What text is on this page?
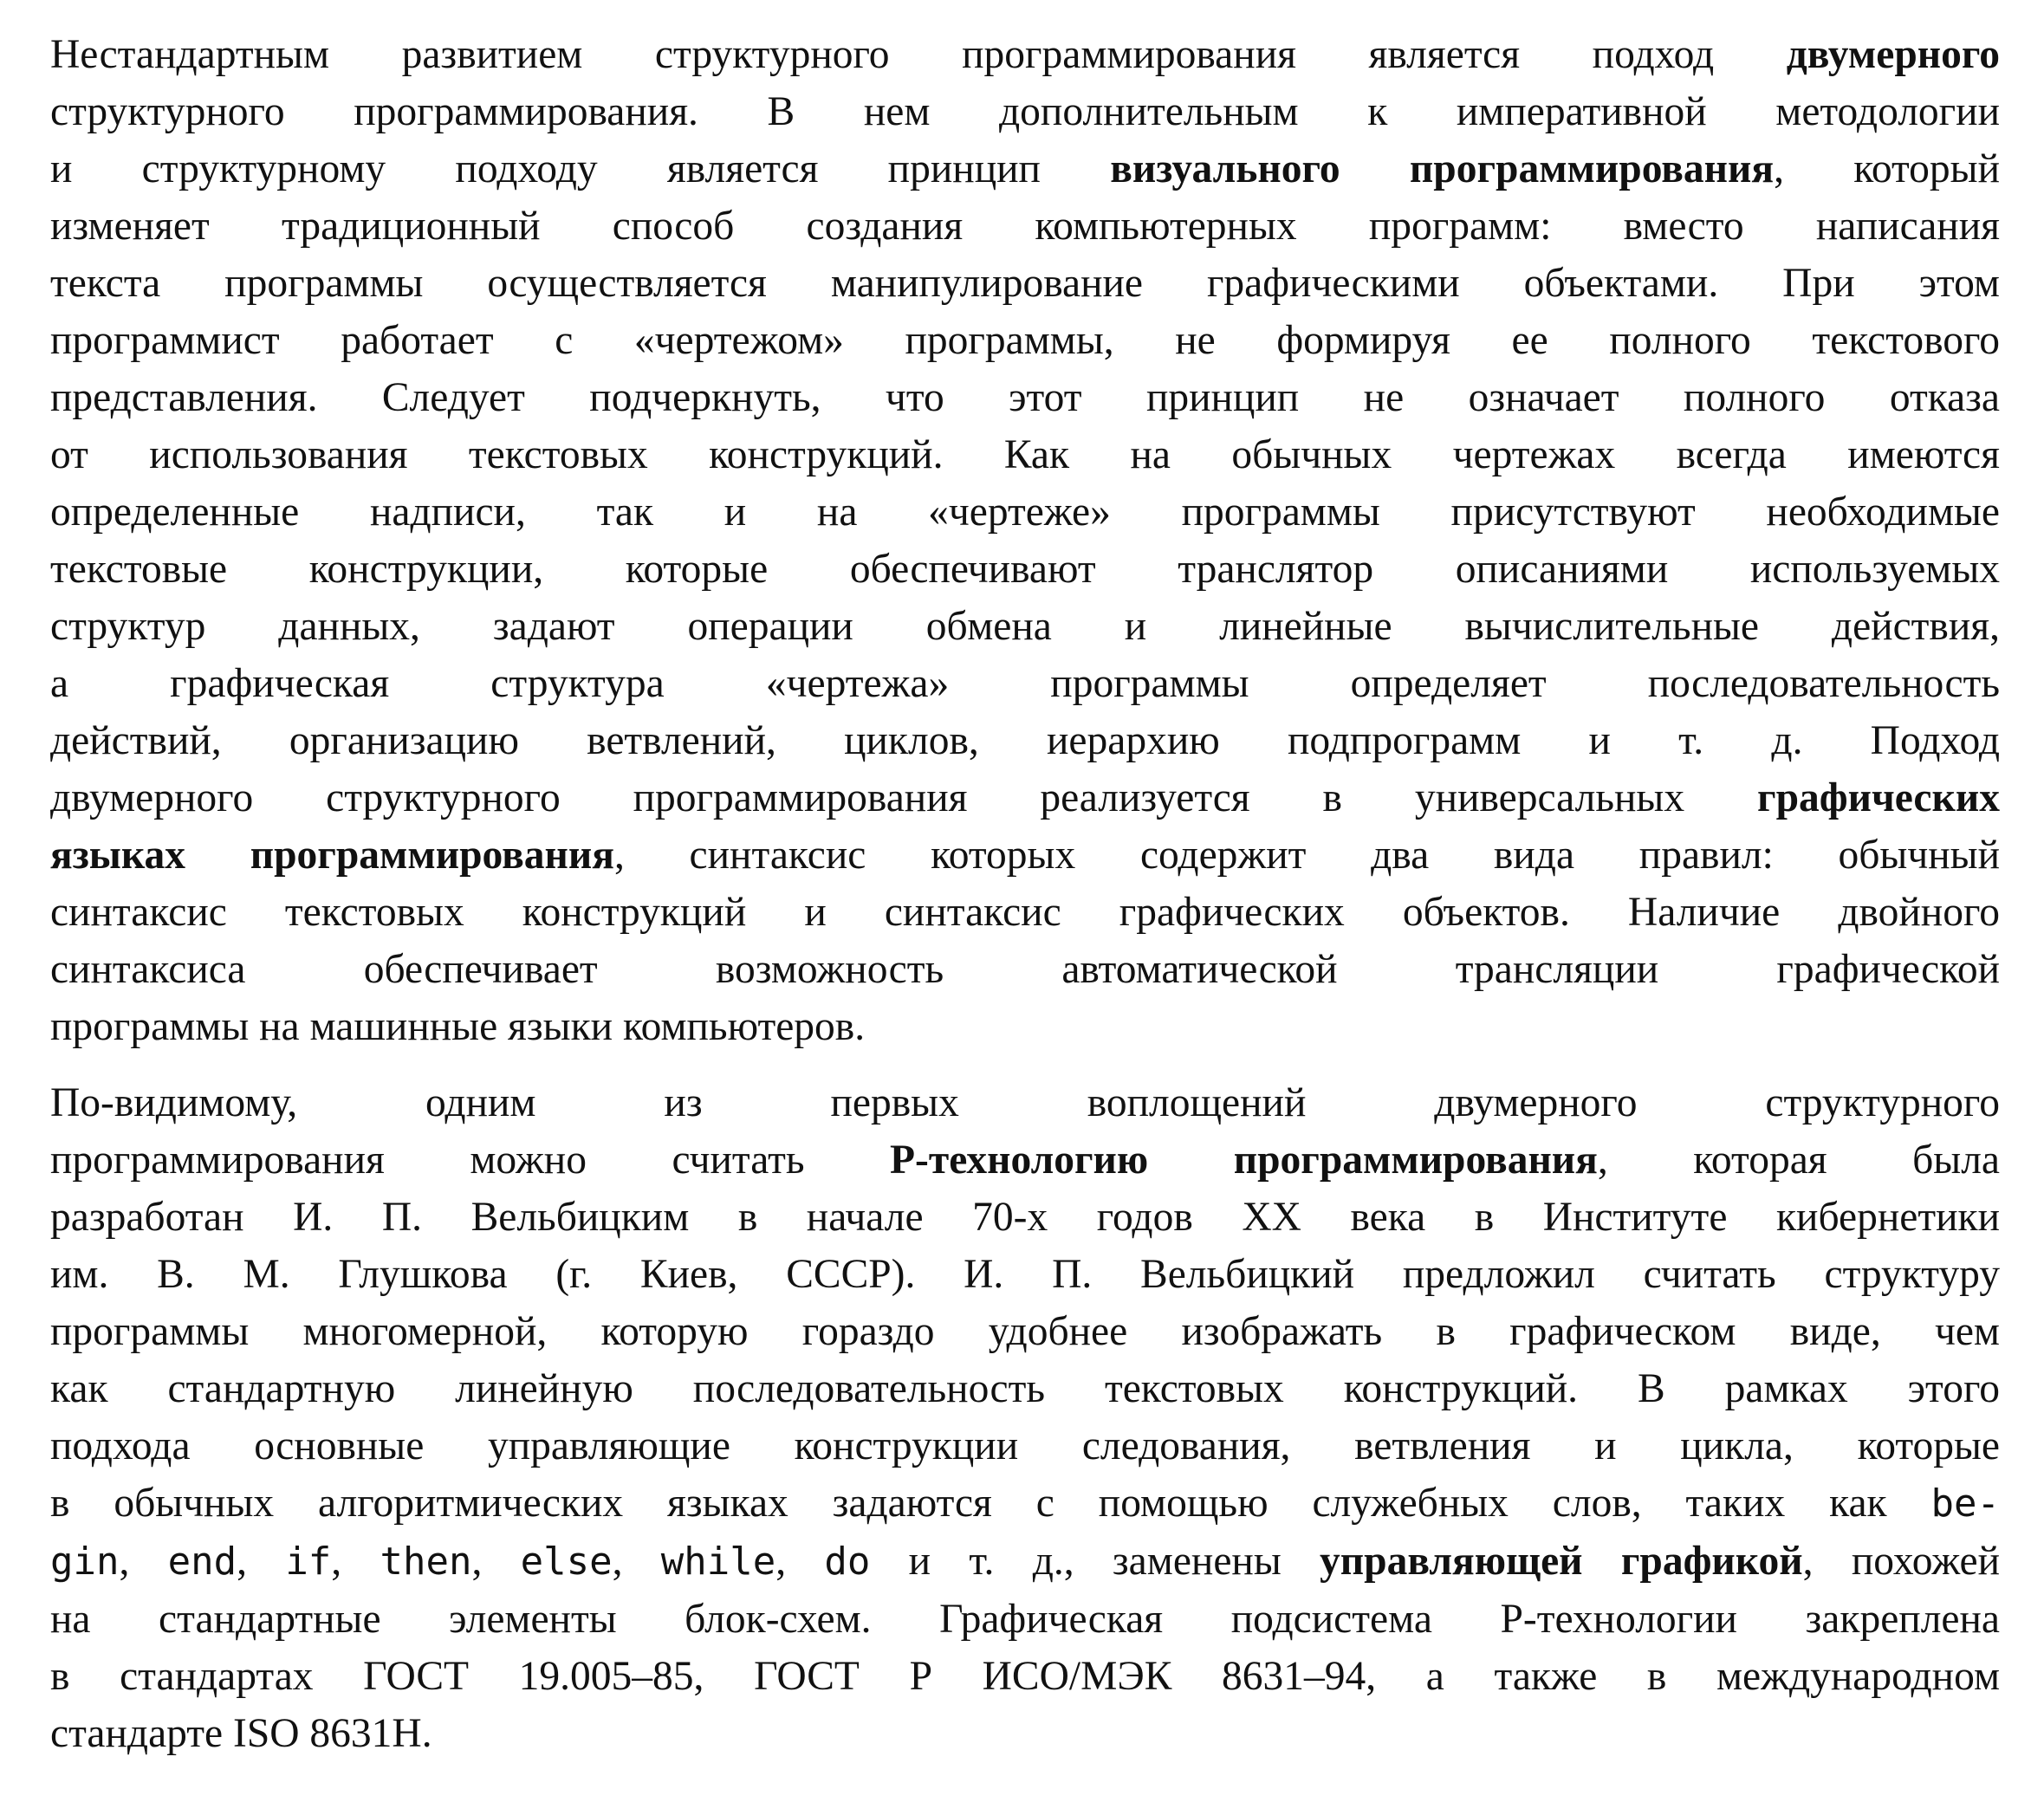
Нестандартным развитием структурного программирования является подход двумерного
структурного программирования. В нем дополнительным к императивной методологии
и структурному подходу является принцип визуального программирования, который
изменяет традиционный способ создания компьютерных программ: вместо написания
текста программы осуществляется манипулирование графическими объектами. При этом
программист работает с «чертежом» программы, не формируя ее полного текстового
представления. Следует подчеркнуть, что этот принцип не означает полного отказа
от использования текстовых конструкций. Как на обычных чертежах всегда имеются
определенные надписи, так и на «чертеже» программы присутствуют необходимые
текстовые конструкции, которые обеспечивают транслятор описаниями используемых
структур данных, задают операции обмена и линейные вычислительные действия,
а графическая структура «чертежа» программы определяет последовательность
действий, организацию ветвлений, циклов, иерархию подпрограмм и т. д. Подход
двумерного структурного программирования реализуется в универсальных графических
языках программирования, синтаксис которых содержит два вида правил: обычный
синтаксис текстовых конструкций и синтаксис графических объектов. Наличие двойного
синтаксиса обеспечивает возможность автоматической трансляции графической
программы на машинные языки компьютеров.
По-видимому, одним из первых воплощений двумерного структурного
программирования можно считать Р-технологию программирования, которая была
разработан И. П. Вельбицким в начале 70-х годов XX века в Институте кибернетики
им. В. М. Глушкова (г. Киев, СССР). И. П. Вельбицкий предложил считать структуру
программы многомерной, которую гораздо удобнее изображать в графическом виде, чем
как стандартную линейную последовательность текстовых конструкций. В рамках этого
подхода основные управляющие конструкции следования, ветвления и цикла, которые
в обычных алгоритмических языках задаются с помощью служебных слов, таких как be-
gin, end, if, then, else, while, do и т. д., заменены управляющей графикой, похожей
на стандартные элементы блок-схем. Графическая подсистема Р-технологии закреплена
в стандартах ГОСТ 19.005–85, ГОСТ Р ИСО/МЭК 8631–94, а также в международном
стандарте ISO 8631H.
